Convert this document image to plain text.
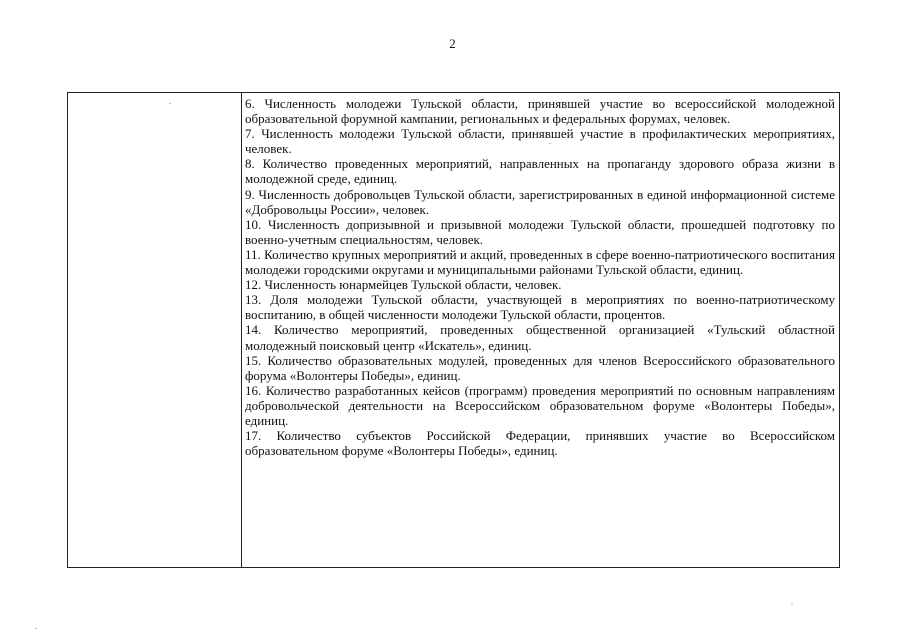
2

6. Численность молодежи Тульской области, принявшей участие во всероссийской молодежной образовательной форумной кампании, региональных и федеральных форумах, человек.

7. Численность молодежи Тульской области, принявшей участие в профилактических мероприятиях, человек.

8. Количество проведенных мероприятий, направленных на пропаганду здорового образа жизни в молодежной среде, единиц.

9. Численность добровольцев Тульской области, зарегистрированных в единой информационной системе «Добровольцы России», человек.

10. Численность допризывной и призывной молодежи Тульской области, прошедшей подготовку по военно-учетным специальностям, человек.

11. Количество крупных мероприятий и акций, проведенных в сфере военно-патриотического воспитания молодежи городскими округами и муниципальными районами Тульской области, единиц.

12. Численность юнармейцев Тульской области, человек.

13. Доля молодежи Тульской области, участвующей в мероприятиях по военно-патриотическому воспитанию, в общей численности молодежи Тульской области, процентов.

14. Количество мероприятий, проведенных общественной организацией «Тульский областной молодежный поисковый центр «Искатель», единиц.

15. Количество образовательных модулей, проведенных для членов Всероссийского образовательного форума «Волонтеры Победы», единиц.

16. Количество разработанных кейсов (программ) проведения мероприятий по основным направлениям добровольческой деятельности на Всероссийском образовательном форуме «Волонтеры Победы», единиц.

17. Количество субъектов Российской Федерации, принявших участие во Всероссийском образовательном форуме «Волонтеры Победы», единиц.
